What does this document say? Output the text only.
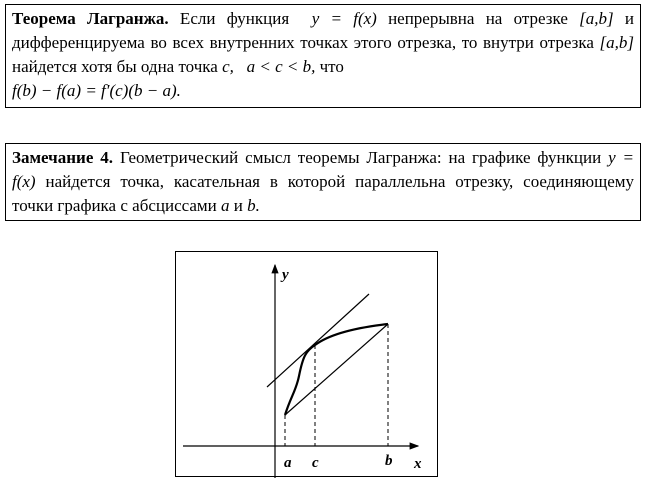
Теорема Лагранжа. Если функция  y = f(x) непрерывна на отрезке [a,b] и дифференцируема во всех внутренних точках этого отрезка, то внутри отрезка [a,b] найдется хотя бы одна точка c, a < c < b, что
f(b) − f(a) = f′(c)(b − a).
Замечание 4. Геометрический смысл теоремы Лагранжа: на графике функции y = f(x) найдется точка, касательная в которой параллельна отрезку, соединяющему точки графика с абсциссами a и b.
y
x
a c	b
